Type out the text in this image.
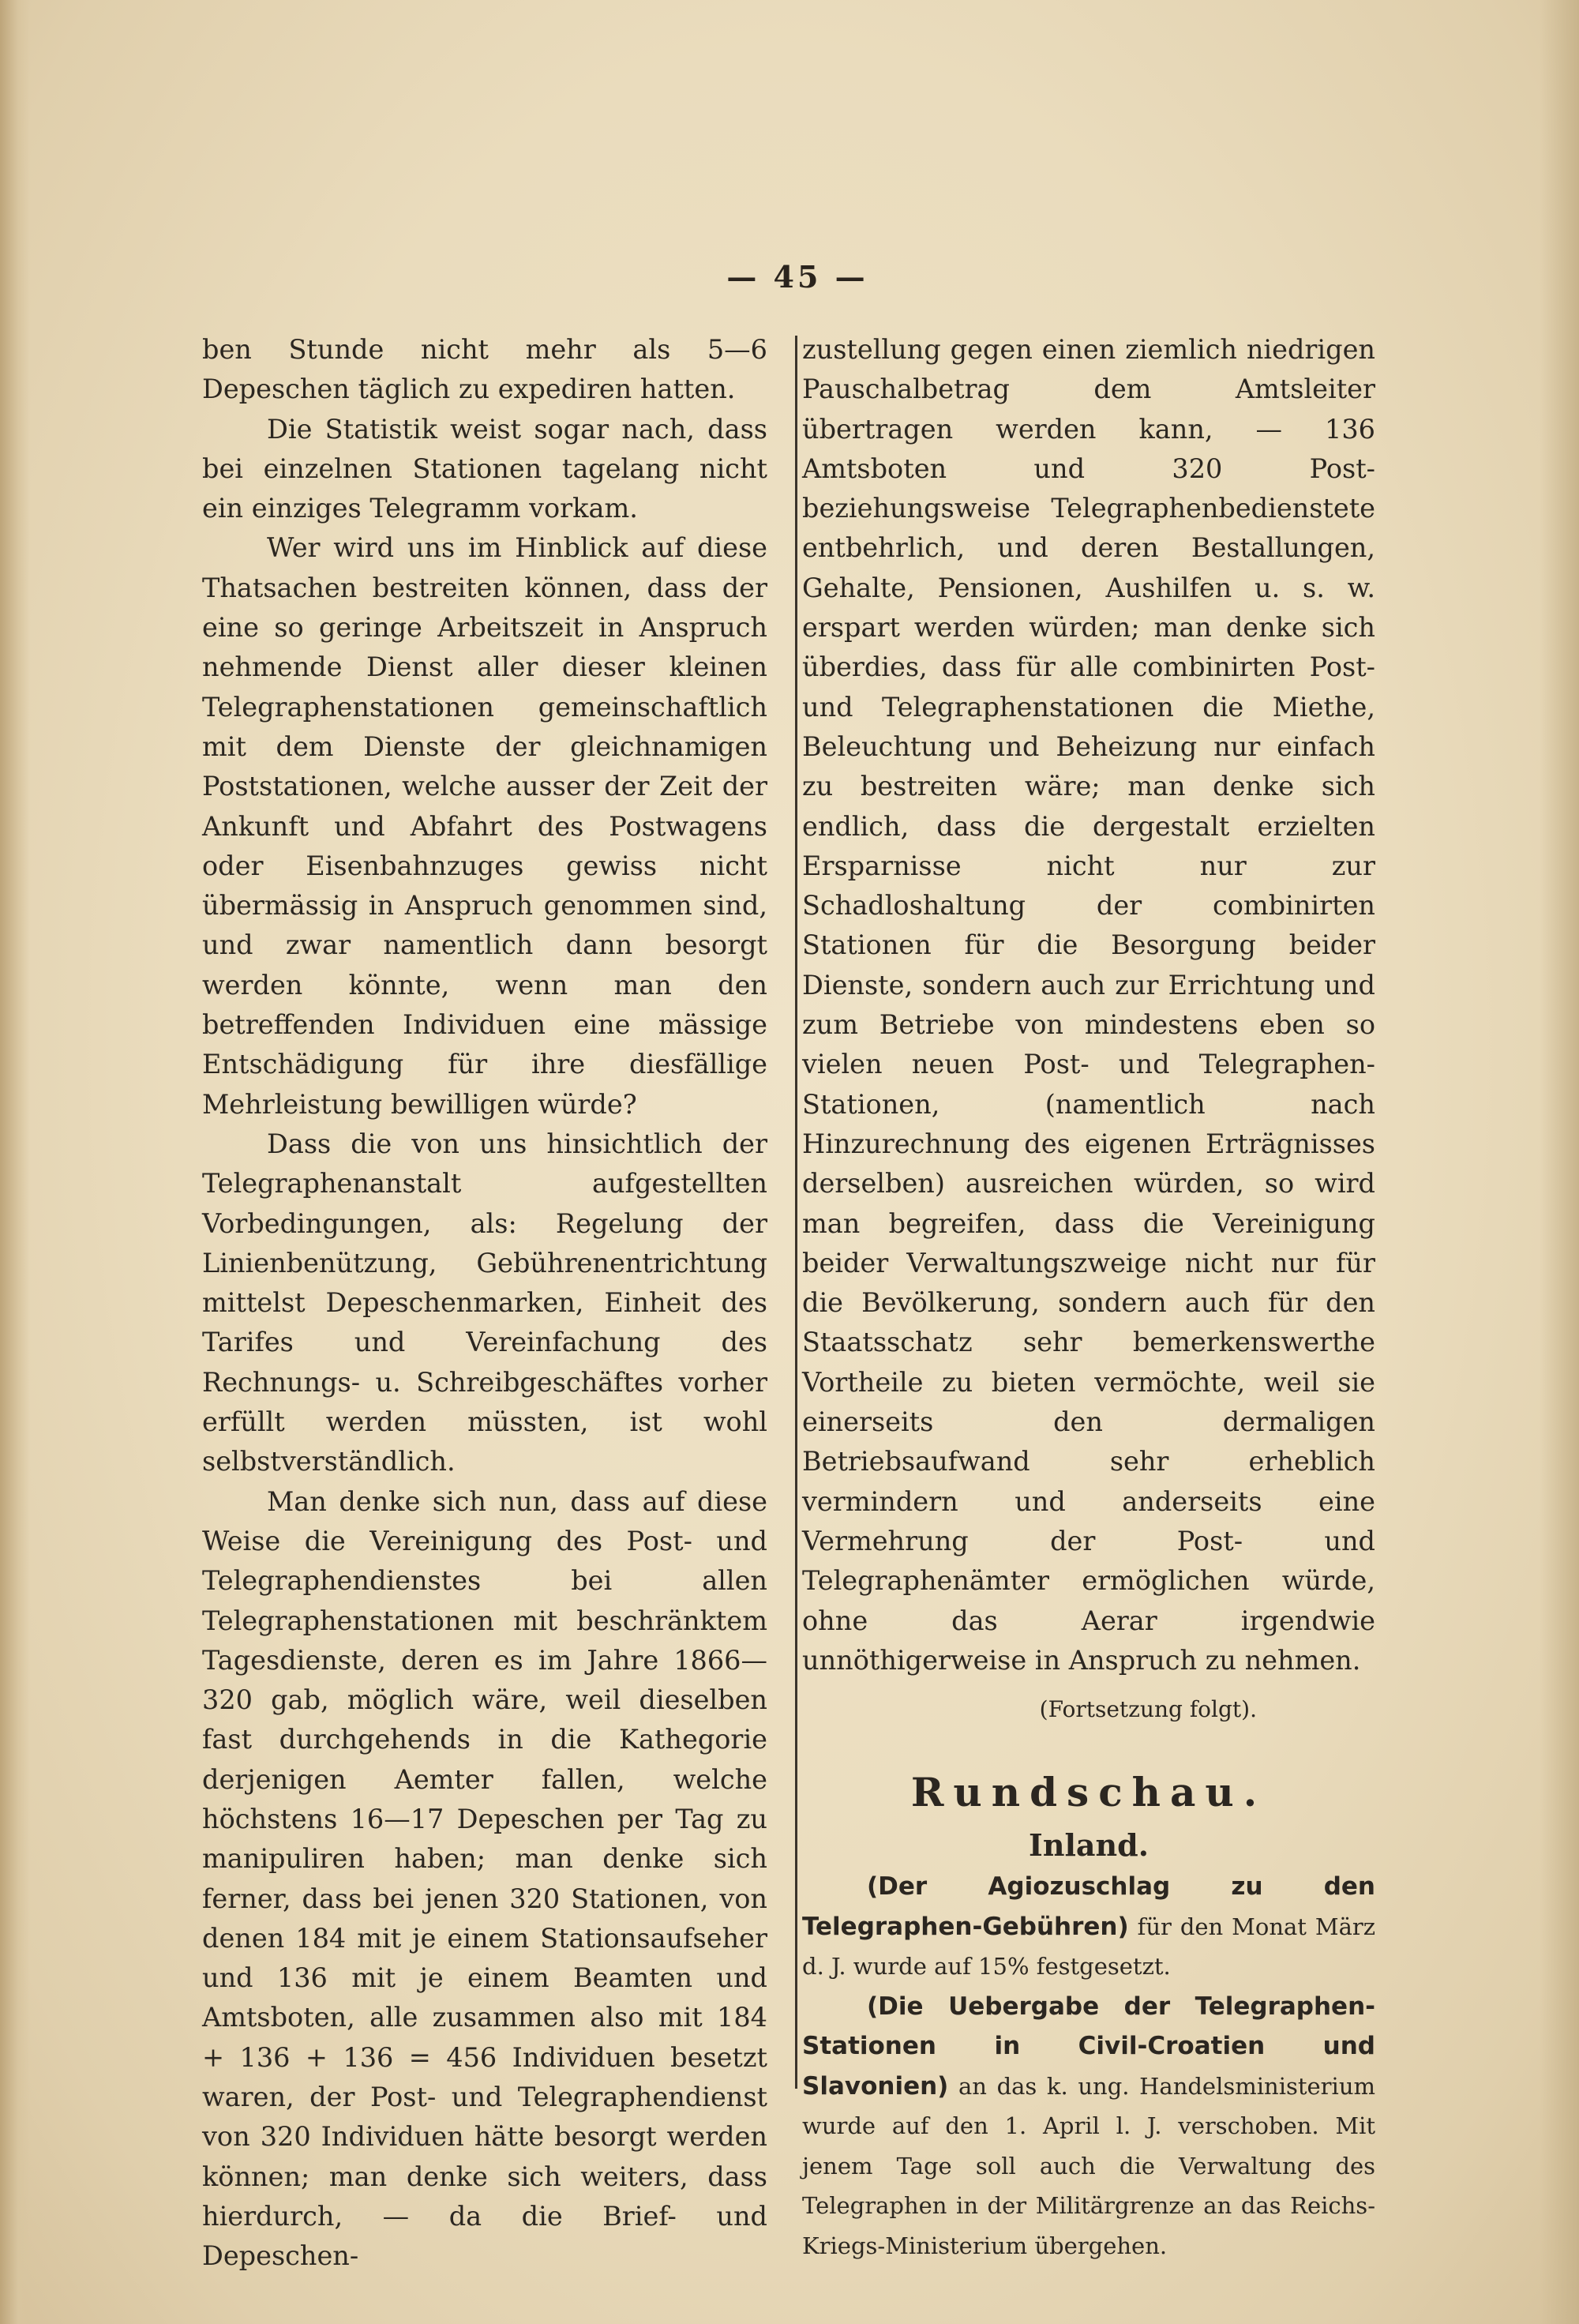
— 45 —

ben Stunde nicht mehr als 5—6 Depeschen täglich zu expediren hatten.

Die Statistik weist sogar nach, dass bei einzelnen Stationen tagelang nicht ein einziges Telegramm vorkam.

Wer wird uns im Hinblick auf diese Thatsachen bestreiten können, dass der eine so geringe Arbeitszeit in Anspruch nehmende Dienst aller dieser kleinen Telegraphenstationen gemeinschaftlich mit dem Dienste der gleichnamigen Poststationen, welche ausser der Zeit der Ankunft und Abfahrt des Postwagens oder Eisenbahnzuges gewiss nicht übermässig in Anspruch genommen sind, und zwar namentlich dann besorgt werden könnte, wenn man den betreffenden Individuen eine mässige Entschädigung für ihre diesfällige Mehrleistung bewilligen würde?

Dass die von uns hinsichtlich der Telegraphenanstalt aufgestellten Vorbedingungen, als: Regelung der Linienbenützung, Gebührenentrichtung mittelst Depeschenmarken, Einheit des Tarifes und Vereinfachung des Rechnungs- u. Schreibgeschäftes vorher erfüllt werden müssten, ist wohl selbstverständlich.

Man denke sich nun, dass auf diese Weise die Vereinigung des Post- und Telegraphendienstes bei allen Telegraphenstationen mit beschränktem Tagesdienste, deren es im Jahre 1866—320 gab, möglich wäre, weil dieselben fast durchgehends in die Kathegorie derjenigen Aemter fallen, welche höchstens 16—17 Depeschen per Tag zu manipuliren haben; man denke sich ferner, dass bei jenen 320 Stationen, von denen 184 mit je einem Stationsaufseher und 136 mit je einem Beamten und Amtsboten, alle zusammen also mit 184 + 136 + 136 = 456 Individuen besetzt waren, der Post- und Telegraphendienst von 320 Individuen hätte besorgt werden können; man denke sich weiters, dass hierdurch, — da die Brief- und Depeschen-

zustellung gegen einen ziemlich niedrigen Pauschalbetrag dem Amtsleiter übertragen werden kann, — 136 Amtsboten und 320 Post- beziehungsweise Telegraphenbedienstete entbehrlich, und deren Bestallungen, Gehalte, Pensionen, Aushilfen u. s. w. erspart werden würden; man denke sich überdies, dass für alle combinirten Post- und Telegraphenstationen die Miethe, Beleuchtung und Beheizung nur einfach zu bestreiten wäre; man denke sich endlich, dass die dergestalt erzielten Ersparnisse nicht nur zur Schadloshaltung der combinirten Stationen für die Besorgung beider Dienste, sondern auch zur Errichtung und zum Betriebe von mindestens eben so vielen neuen Post- und Telegraphen-Stationen, (namentlich nach Hinzurechnung des eigenen Erträgnisses derselben) ausreichen würden, so wird man begreifen, dass die Vereinigung beider Verwaltungszweige nicht nur für die Bevölkerung, sondern auch für den Staatsschatz sehr bemerkenswerthe Vortheile zu bieten vermöchte, weil sie einerseits den dermaligen Betriebsaufwand sehr erheblich vermindern und anderseits eine Vermehrung der Post- und Telegraphenämter ermöglichen würde, ohne das Aerar irgendwie unnöthigerweise in Anspruch zu nehmen.

(Fortsetzung folgt).
Rundschau.
Inland.

(Der Agiozuschlag zu den Telegraphen-Gebühren) für den Monat März d. J. wurde auf 15% festgesetzt.

(Die Uebergabe der Telegraphen-Stationen in Civil-Croatien und Slavonien) an das k. ung. Handelsministerium wurde auf den 1. April l. J. verschoben. Mit jenem Tage soll auch die Verwaltung des Telegraphen in der Militärgrenze an das Reichs-Kriegs-Ministerium übergehen.
